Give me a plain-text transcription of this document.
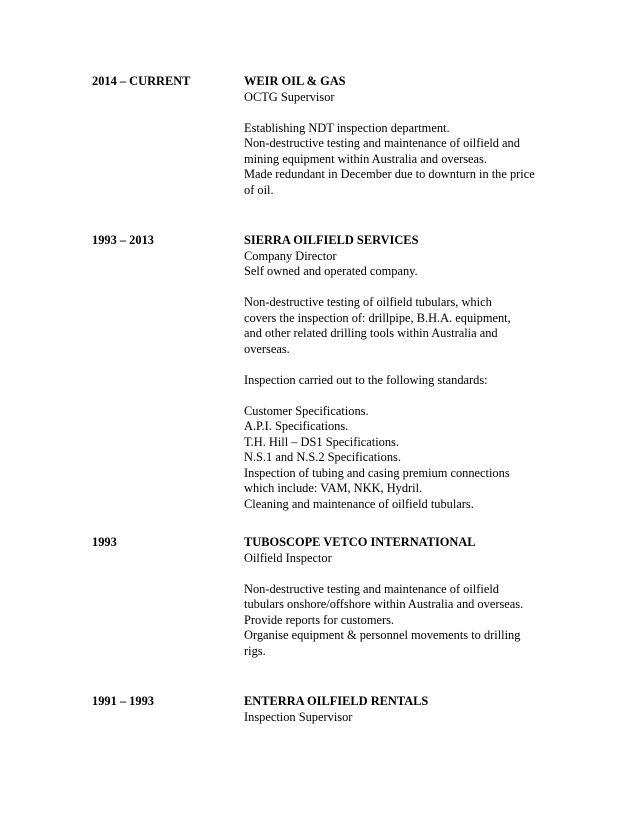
2014 – CURRENT	WEIR OIL & GAS
OCTG Supervisor
Establishing NDT inspection department.
Non-destructive testing and maintenance of oilfield and
mining equipment within Australia and overseas.
Made redundant in December due to downturn in the price
of oil.
1993 – 2013	SIERRA OILFIELD SERVICES
Company Director
Self owned and operated company.
Non-destructive testing of oilfield tubulars, which
covers the inspection of: drillpipe, B.H.A. equipment,
and other related drilling tools within Australia and
overseas.
Inspection carried out to the following standards:
Customer Specifications.
A.P.I. Specifications.
T.H. Hill – DS1 Specifications.
N.S.1 and N.S.2 Specifications.
Inspection of tubing and casing premium connections
which include: VAM, NKK, Hydril.
Cleaning and maintenance of oilfield tubulars.
1993	TUBOSCOPE VETCO INTERNATIONAL
Oilfield Inspector
Non-destructive testing and maintenance of oilfield
tubulars onshore/offshore within Australia and overseas.
Provide reports for customers.
Organise equipment & personnel movements to drilling
rigs.
1991 – 1993	ENTERRA OILFIELD RENTALS
Inspection Supervisor
